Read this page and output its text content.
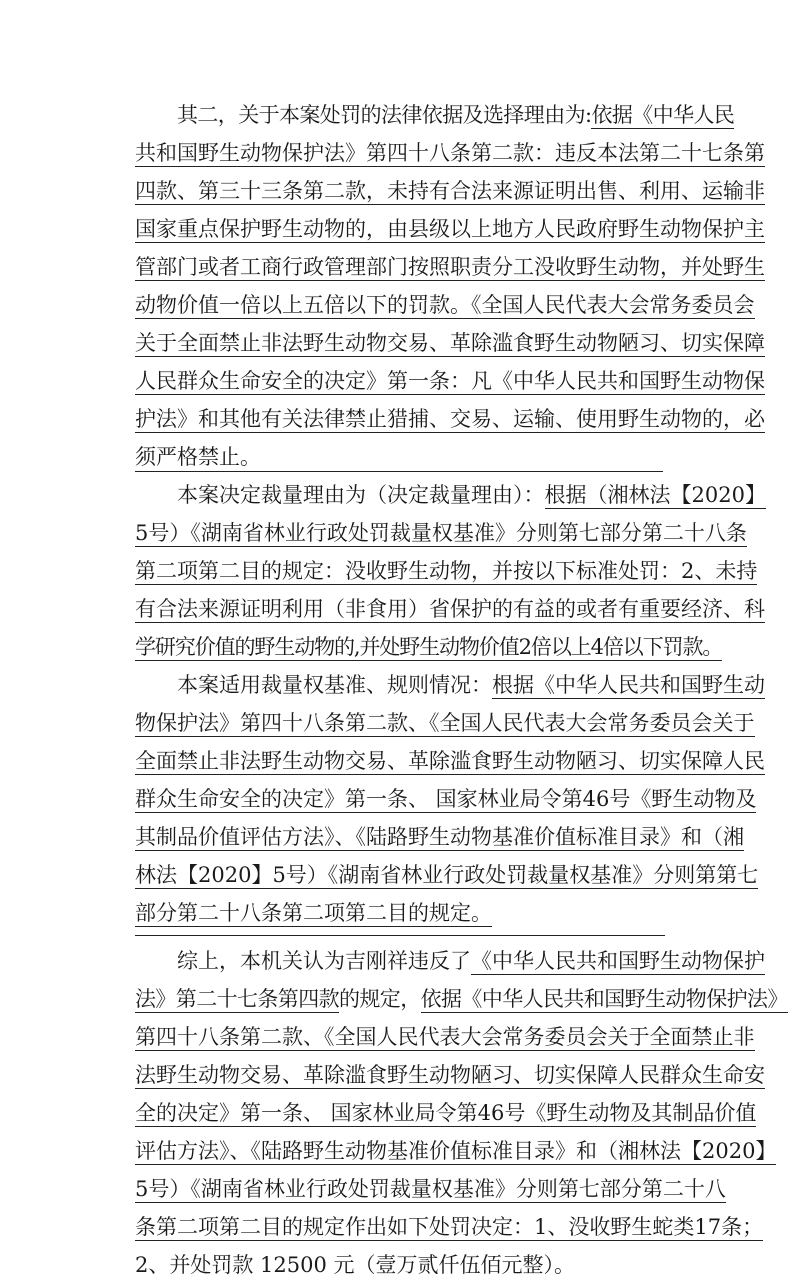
其二，关于本案处罚的法律依据及选择理由为:依据《中华人民
共和国野生动物保护法》第四十八条第二款：违反本法第二十七条第
四款、第三十三条第二款，未持有合法来源证明出售、利用、运输非
国家重点保护野生动物的，由县级以上地方人民政府野生动物保护主
管部门或者工商行政管理部门按照职责分工没收野生动物，并处野生
动物价值一倍以上五倍以下的罚款。《全国人民代表大会常务委员会
关于全面禁止非法野生动物交易、革除滥食野生动物陋习、切实保障
人民群众生命安全的决定》第一条：凡《中华人民共和国野生动物保
护法》和其他有关法律禁止猎捕、交易、运输、使用野生动物的，必
须严格禁止。
本案决定裁量理由为（决定裁量理由）：根据（湘林法【2020】
5号）《湖南省林业行政处罚裁量权基准》分则第七部分第二十八条
第二项第二目的规定：没收野生动物，并按以下标准处罚：2、未持
有合法来源证明利用（非食用）省保护的有益的或者有重要经济、科
学研究价值的野生动物的,并处野生动物价值2倍以上4倍以下罚款。
本案适用裁量权基准、规则情况：根据《中华人民共和国野生动
物保护法》第四十八条第二款、《全国人民代表大会常务委员会关于
全面禁止非法野生动物交易、革除滥食野生动物陋习、切实保障人民
群众生命安全的决定》第一条、 国家林业局令第46号《野生动物及
其制品价值评估方法》、《陆路野生动物基准价值标准目录》和（湘
林法【2020】5号）《湖南省林业行政处罚裁量权基准》分则第第七
部分第二十八条第二项第二目的规定。
综上，本机关认为吉刚祥违反了《中华人民共和国野生动物保护
法》第二十七条第四款的规定，依据《中华人民共和国野生动物保护法》
第四十八条第二款、《全国人民代表大会常务委员会关于全面禁止非
法野生动物交易、革除滥食野生动物陋习、切实保障人民群众生命安
全的决定》第一条、 国家林业局令第46号《野生动物及其制品价值
评估方法》、《陆路野生动物基准价值标准目录》和（湘林法【2020】
5号）《湖南省林业行政处罚裁量权基准》分则第七部分第二十八
条第二项第二目的规定作出如下处罚决定：1、没收野生蛇类17条；
2、并处罚款 12500 元（壹万贰仟伍佰元整）。
